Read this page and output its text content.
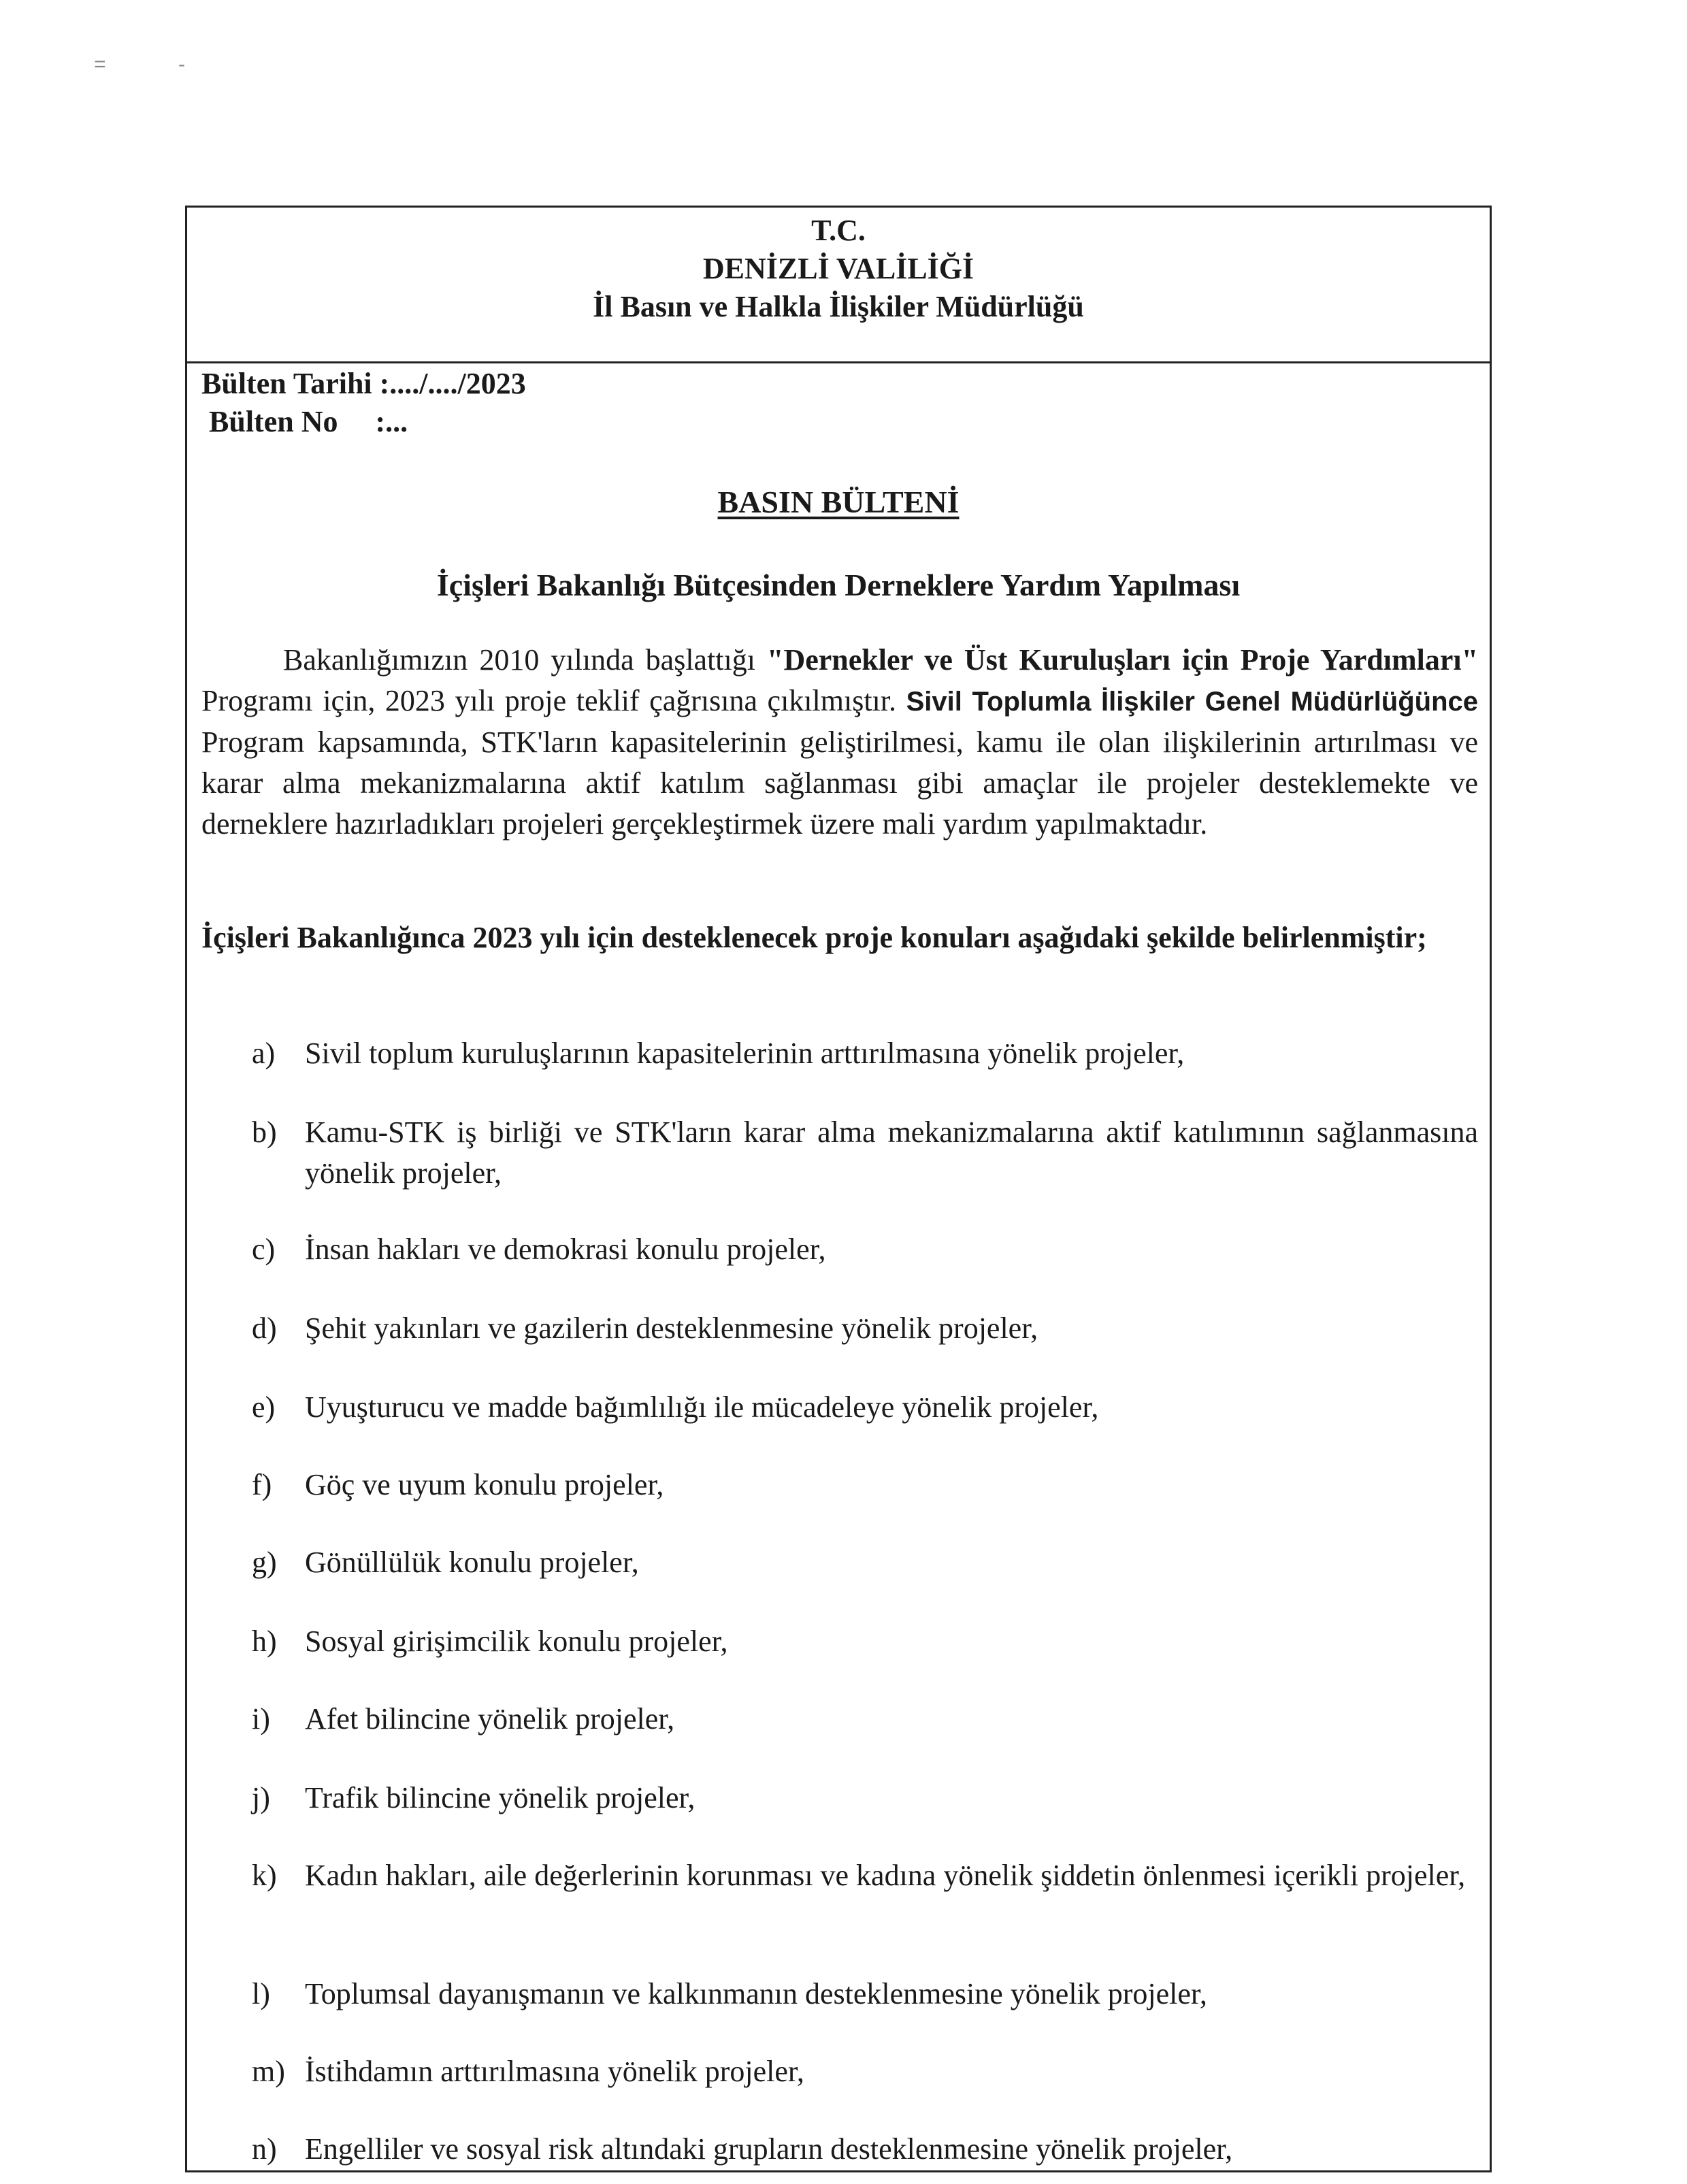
=	-
T.C.
DENİZLİ VALİLİĞİ
İl Basın ve Halkla İlişkiler Müdürlüğü
Bülten Tarihi :..../..../2023
Bülten No     :...
BASIN BÜLTENİ
İçişleri Bakanlığı Bütçesinden Derneklere Yardım Yapılması
Bakanlığımızın 2010 yılında başlattığı "Dernekler ve Üst Kuruluşları için Proje Yardımları" Programı için, 2023 yılı proje teklif çağrısına çıkılmıştır. Sivil Toplumla İlişkiler Genel Müdürlüğünce Program kapsamında, STK'ların kapasitelerinin geliştirilmesi, kamu ile olan ilişkilerinin artırılması ve karar alma mekanizmalarına aktif katılım sağlanması gibi amaçlar ile projeler desteklemekte ve derneklere hazırladıkları projeleri gerçekleştirmek üzere mali yardım yapılmaktadır.
İçişleri Bakanlığınca 2023 yılı için desteklenecek proje konuları aşağıdaki şekilde belirlenmiştir;
a) Sivil toplum kuruluşlarının kapasitelerinin arttırılmasına yönelik projeler,
b) Kamu-STK iş birliği ve STK'ların karar alma mekanizmalarına aktif katılımının sağlanmasına yönelik projeler,
c) İnsan hakları ve demokrasi konulu projeler,
d) Şehit yakınları ve gazilerin desteklenmesine yönelik projeler,
e) Uyuşturucu ve madde bağımlılığı ile mücadeleye yönelik projeler,
f)	Göç ve uyum konulu projeler,
g) Gönüllülük konulu projeler,
h) Sosyal girişimcilik konulu projeler,
i)	Afet bilincine yönelik projeler,
j)	Trafik bilincine yönelik projeler,
k) Kadın hakları, aile değerlerinin korunması ve kadına yönelik şiddetin önlenmesi içerikli projeler,
l)	Toplumsal dayanışmanın ve kalkınmanın desteklenmesine yönelik projeler,
m) İstihdamın arttırılmasına yönelik projeler,
n) Engelliler ve sosyal risk altındaki grupların desteklenmesine yönelik projeler,
